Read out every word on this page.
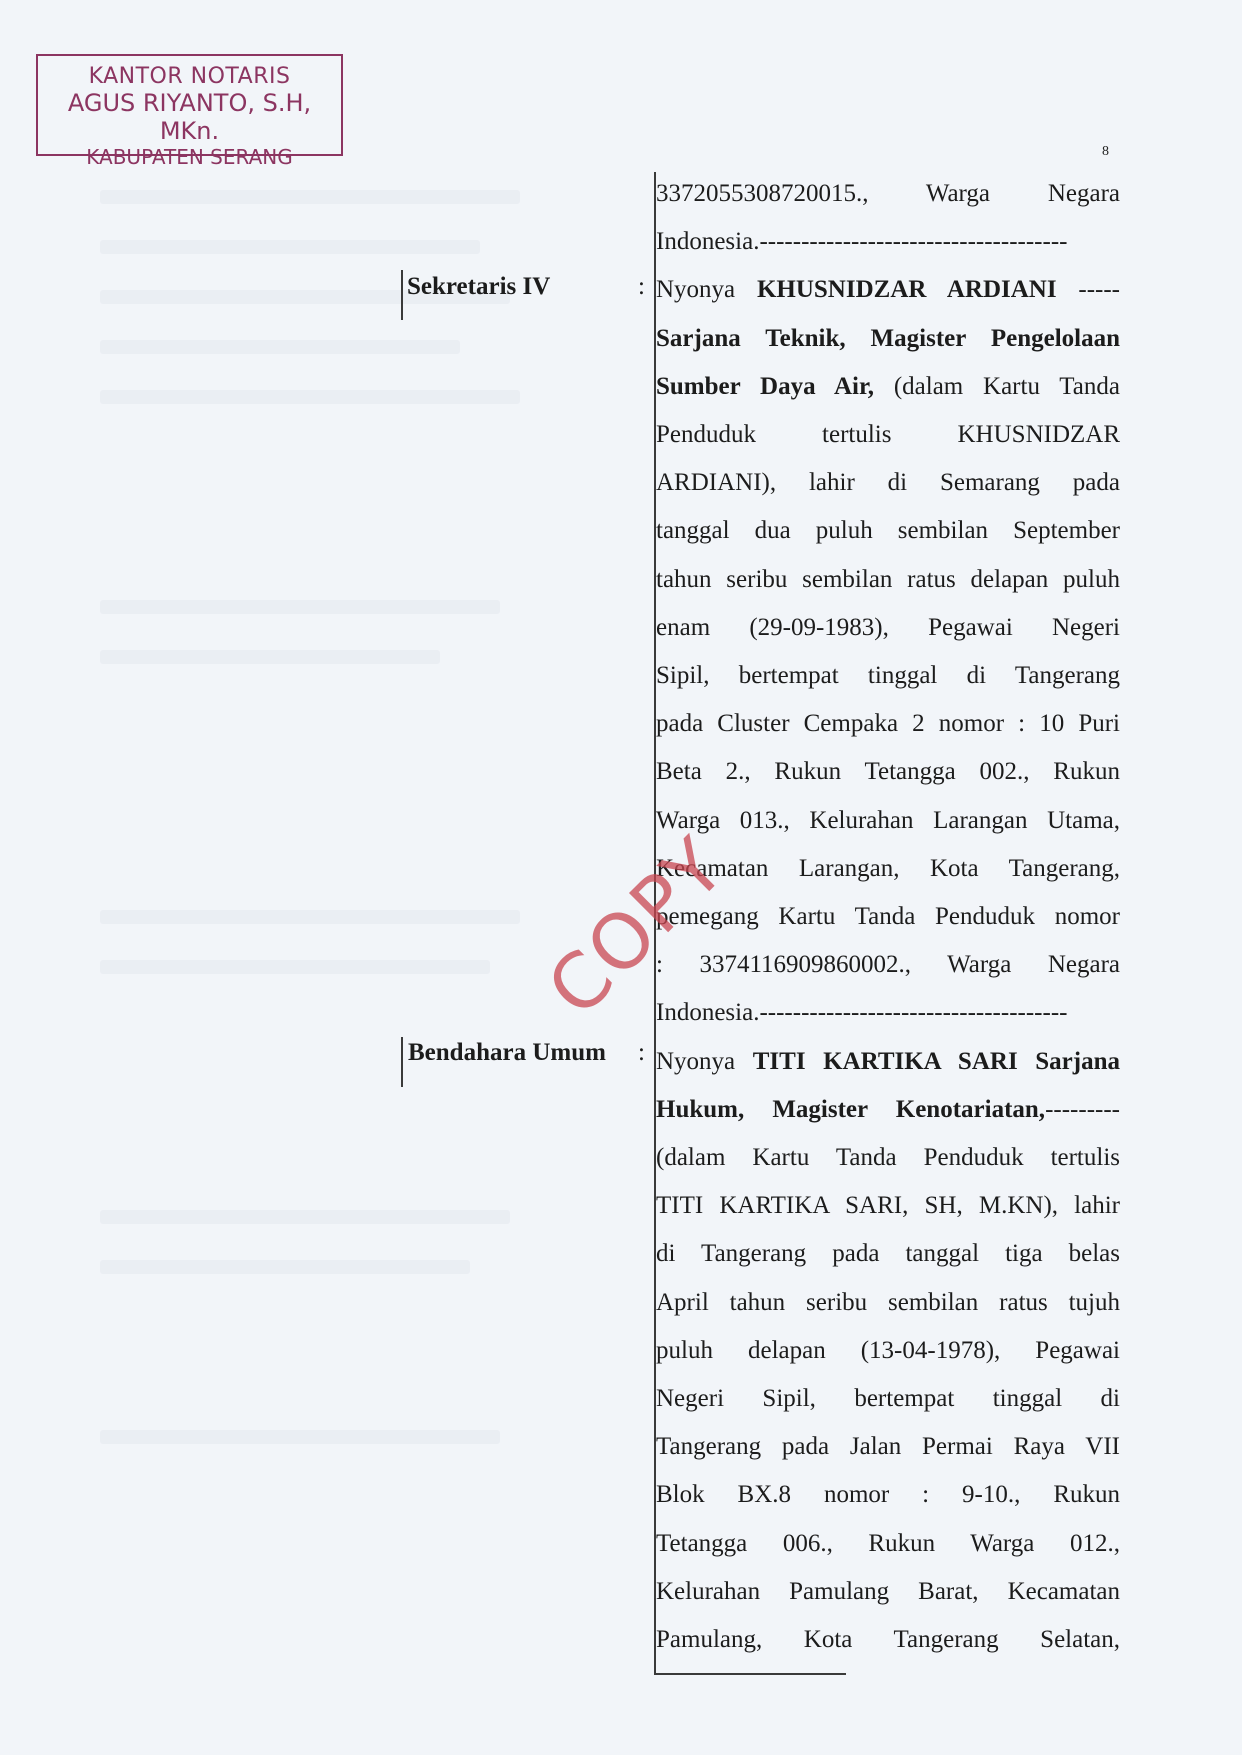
KANTOR NOTARIS
AGUS RIYANTO, S.H, MKn.
KABUPATEN SERANG	8
Sekretaris IV	:
Bendahara Umum :
3372055308720015., Warga Negara
Indonesia.-------------------------------------
Nyonya KHUSNIDZAR ARDIANI -----
Sarjana Teknik, Magister Pengelolaan
Sumber Daya Air, (dalam Kartu Tanda
Penduduk tertulis KHUSNIDZAR
ARDIANI), lahir di Semarang pada
tanggal dua puluh sembilan September
tahun seribu sembilan ratus delapan puluh
enam (29-09-1983), Pegawai Negeri
Sipil, bertempat tinggal di Tangerang
pada Cluster Cempaka 2 nomor : 10 Puri
Beta 2., Rukun Tetangga 002., Rukun
Warga 013., Kelurahan Larangan Utama,
Kecamatan Larangan, Kota Tangerang,
pemegang Kartu Tanda Penduduk nomor
: 3374116909860002., Warga Negara
Indonesia.-------------------------------------
Nyonya TITI KARTIKA SARI Sarjana
Hukum, Magister Kenotariatan,---------
(dalam Kartu Tanda Penduduk tertulis
TITI KARTIKA SARI, SH, M.KN), lahir
di Tangerang pada tanggal tiga belas
April tahun seribu sembilan ratus tujuh
puluh delapan (13-04-1978), Pegawai
Negeri Sipil, bertempat tinggal di
Tangerang pada Jalan Permai Raya VII
Blok BX.8 nomor : 9-10., Rukun
Tetangga 006., Rukun Warga 012.,
Kelurahan Pamulang Barat, Kecamatan
Pamulang, Kota Tangerang Selatan,
COPY
